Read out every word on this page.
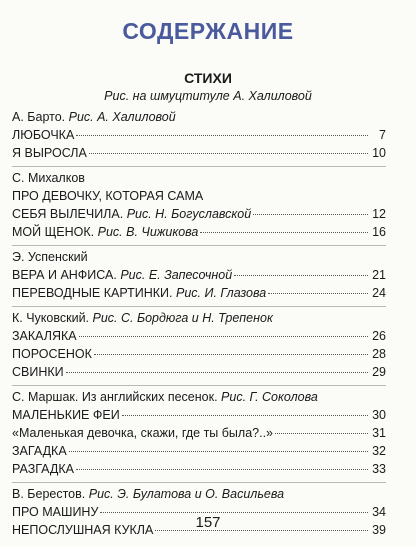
СОДЕРЖАНИЕ
СТИХИ
Рис. на шмуцтитуле А. Халиловой
А. Барто. Рис. А. Халиловой
ЛЮБОЧКА	7
Я ВЫРОСЛА	10
С. Михалков
ПРО ДЕВОЧКУ, КОТОРАЯ САМА
СЕБЯ ВЫЛЕЧИЛА. Рис. Н. Богуславской	12
МОЙ ЩЕНОК. Рис. В. Чижикова	16
Э. Успенский
ВЕРА И АНФИСА. Рис. Е. Запесочной	21
ПЕРЕВОДНЫЕ КАРТИНКИ. Рис. И. Глазова	24
К. Чуковский. Рис. С. Бордюга и Н. Трепенок
ЗАКАЛЯКА	26
ПОРОСЕНОК	28
СВИНКИ	29
С. Маршак. Из английских песенок. Рис. Г. Соколова
МАЛЕНЬКИЕ ФЕИ	30
«Маленькая девочка, скажи, где ты была?..»	31
ЗАГАДКА	32
РАЗГАДКА	33
В. Берестов. Рис. Э. Булатова и О. Васильева
ПРО МАШИНУ	34
НЕПОСЛУШНАЯ КУКЛА	39
157
